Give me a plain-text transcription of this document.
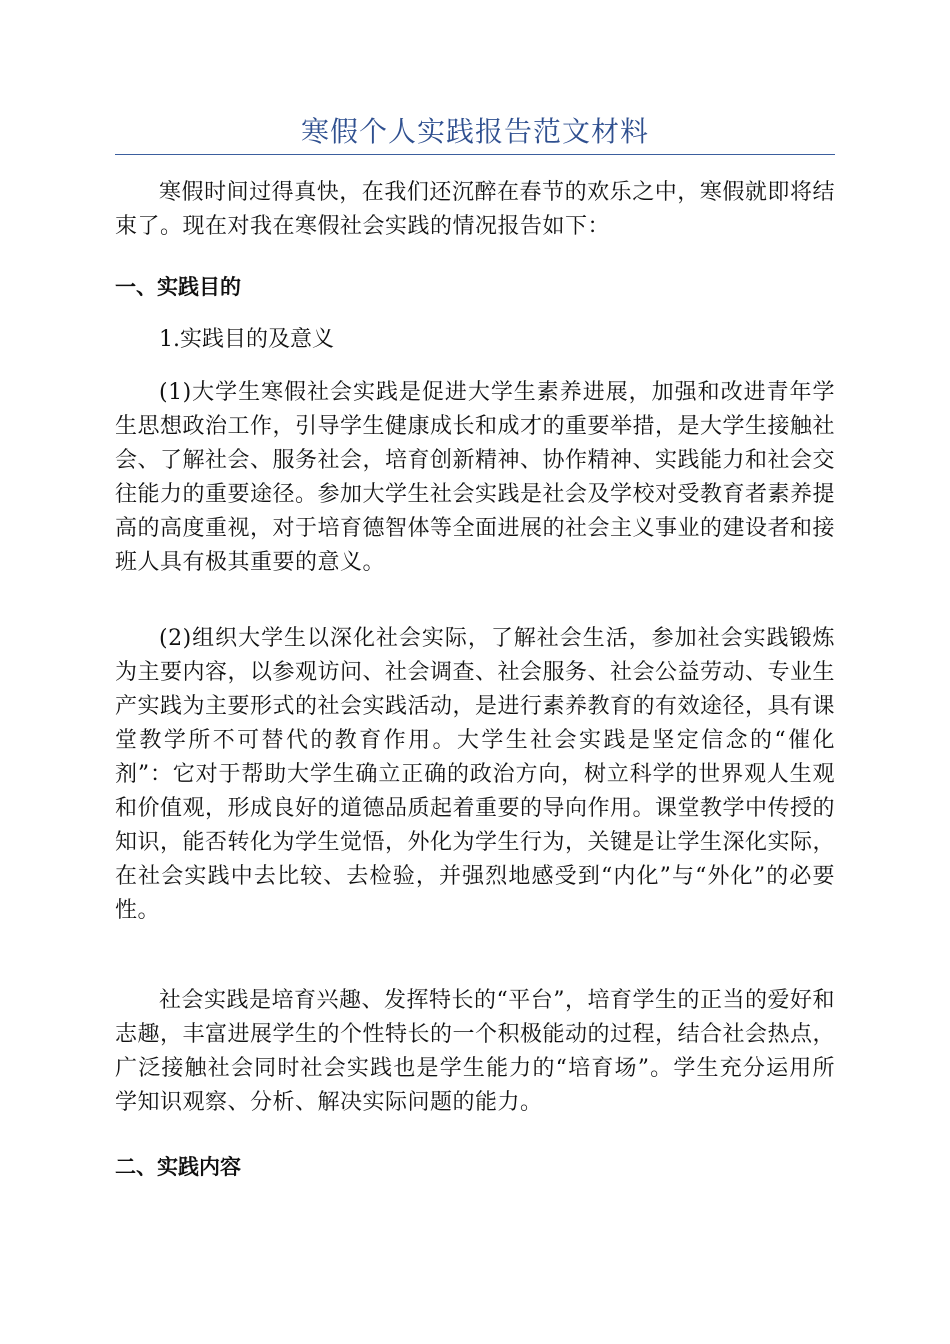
寒假个人实践报告范文材料

寒假时间过得真快，在我们还沉醉在春节的欢乐之中，寒假就即将结束了。现在对我在寒假社会实践的情况报告如下：

一、实践目的

1.实践目的及意义

(1)大学生寒假社会实践是促进大学生素养进展，加强和改进青年学生思想政治工作，引导学生健康成长和成才的重要举措，是大学生接触社会、了解社会、服务社会，培育创新精神、协作精神、实践能力和社会交往能力的重要途径。参加大学生社会实践是社会及学校对受教育者素养提高的高度重视，对于培育德智体等全面进展的社会主义事业的建设者和接班人具有极其重要的意义。

(2)组织大学生以深化社会实际，了解社会生活，参加社会实践锻炼为主要内容，以参观访问、社会调查、社会服务、社会公益劳动、专业生产实践为主要形式的社会实践活动，是进行素养教育的有效途径，具有课堂教学所不可替代的教育作用。大学生社会实践是坚定信念的“催化剂”：它对于帮助大学生确立正确的政治方向，树立科学的世界观人生观和价值观，形成良好的道德品质起着重要的导向作用。课堂教学中传授的知识，能否转化为学生觉悟，外化为学生行为，关键是让学生深化实际，在社会实践中去比较、去检验，并强烈地感受到“内化”与“外化”的必要性。

社会实践是培育兴趣、发挥特长的“平台”，培育学生的正当的爱好和志趣，丰富进展学生的个性特长的一个积极能动的过程，结合社会热点，广泛接触社会同时社会实践也是学生能力的“培育场”。学生充分运用所学知识观察、分析、解决实际问题的能力。

二、实践内容
